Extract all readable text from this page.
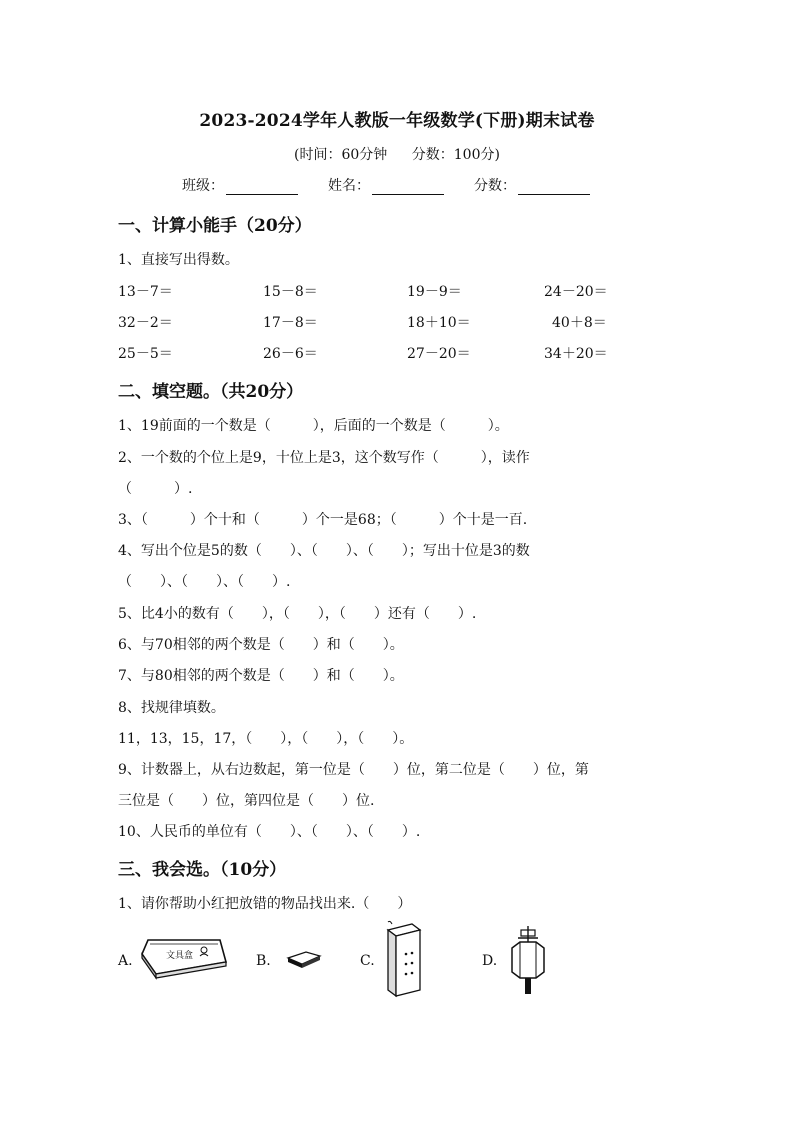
2023-2024学年人教版一年级数学(下册)期末试卷
(时间：60分钟 分数：100分)
班级：	姓名：	分数：
一、计算小能手（20分）
1、直接写出得数。
13－7＝	15－8＝	19－9＝	24－20＝
32－2＝	17－8＝	18＋10＝	40＋8＝
25－5＝	26－6＝	27－20＝	34＋20＝
二、填空题。（共20分）
1、19前面的一个数是（　　　），后面的一个数是（　　　）。
2、一个数的个位上是9，十位上是3，这个数写作（　　　），读作
（　　　）.
3、（　　　）个十和（　　　）个一是68；（　　　）个十是一百.
4、写出个位是5的数（　　）、（　　）、（　　）；写出十位是3的数
（　　）、（　　）、（　　）.
5、比4小的数有（　　），（　　），（　　）还有（　　）.
6、与70相邻的两个数是（　　）和（　　）。
7、与80相邻的两个数是（　　）和（　　）。
8、找规律填数。
11，13，15，17，（　　），（　　），（　　）。
9、计数器上，从右边数起，第一位是（　　）位，第二位是（　　）位，第
三位是（　　）位，第四位是（　　）位.
10、人民币的单位有（　　）、（　　）、（　　）.
三、我会选。（10分）
1、请你帮助小红把放错的物品找出来.（　　）
A.	文具盒	B.	C.	D.
